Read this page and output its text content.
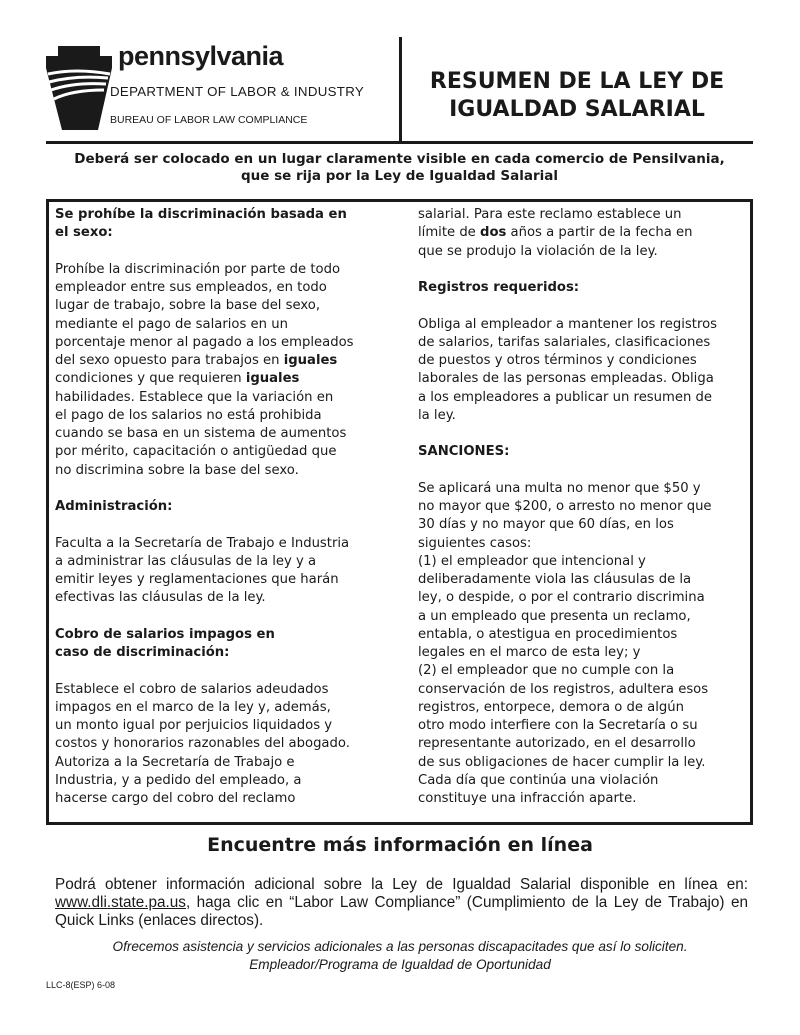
pennsylvania
DEPARTMENT OF LABOR & INDUSTRY
BUREAU OF LABOR LAW COMPLIANCE
RESUMEN DE LA LEY DE
IGUALDAD SALARIAL
Deberá ser colocado en un lugar claramente visible en cada comercio de Pensilvania,
que se rija por la Ley de Igualdad Salarial
Se prohíbe la discriminación basada en
el sexo:
Prohíbe la discriminación por parte de todo
empleador entre sus empleados, en todo
lugar de trabajo, sobre la base del sexo,
mediante el pago de salarios en un
porcentaje menor al pagado a los empleados
del sexo opuesto para trabajos en iguales
condiciones y que requieren iguales
habilidades. Establece que la variación en
el pago de los salarios no está prohibida
cuando se basa en un sistema de aumentos
por mérito, capacitación o antigüedad que
no discrimina sobre la base del sexo.
Administración:
Faculta a la Secretaría de Trabajo e Industria
a administrar las cláusulas de la ley y a
emitir leyes y reglamentaciones que harán
efectivas las cláusulas de la ley.
Cobro de salarios impagos en
caso de discriminación:
Establece el cobro de salarios adeudados
impagos en el marco de la ley y, además,
un monto igual por perjuicios liquidados y
costos y honorarios razonables del abogado.
Autoriza a la Secretaría de Trabajo e
Industria, y a pedido del empleado, a
hacerse cargo del cobro del reclamo
salarial. Para este reclamo establece un
límite de dos años a partir de la fecha en
que se produjo la violación de la ley.
Registros requeridos:
Obliga al empleador a mantener los registros
de salarios, tarifas salariales, clasificaciones
de puestos y otros términos y condiciones
laborales de las personas empleadas. Obliga
a los empleadores a publicar un resumen de
la ley.
SANCIONES:
Se aplicará una multa no menor que $50 y
no mayor que $200, o arresto no menor que
30 días y no mayor que 60 días, en los
siguientes casos:
(1) el empleador que intencional y
deliberadamente viola las cláusulas de la
ley, o despide, o por el contrario discrimina
a un empleado que presenta un reclamo,
entabla, o atestigua en procedimientos
legales en el marco de esta ley; y
(2) el empleador que no cumple con la
conservación de los registros, adultera esos
registros, entorpece, demora o de algún
otro modo interfiere con la Secretaría o su
representante autorizado, en el desarrollo
de sus obligaciones de hacer cumplir la ley.
Cada día que continúa una violación
constituye una infracción aparte.
Encuentre más información en línea
Podrá obtener información adicional sobre la Ley de Igualdad Salarial disponible en línea en: www.dli.state.pa.us, haga clic en “Labor Law Compliance” (Cumplimiento de la Ley de Trabajo) en Quick Links (enlaces directos).
Ofrecemos asistencia y servicios adicionales a las personas discapacitades que así lo soliciten.
Empleador/Programa de Igualdad de Oportunidad
LLC-8(ESP) 6-08
